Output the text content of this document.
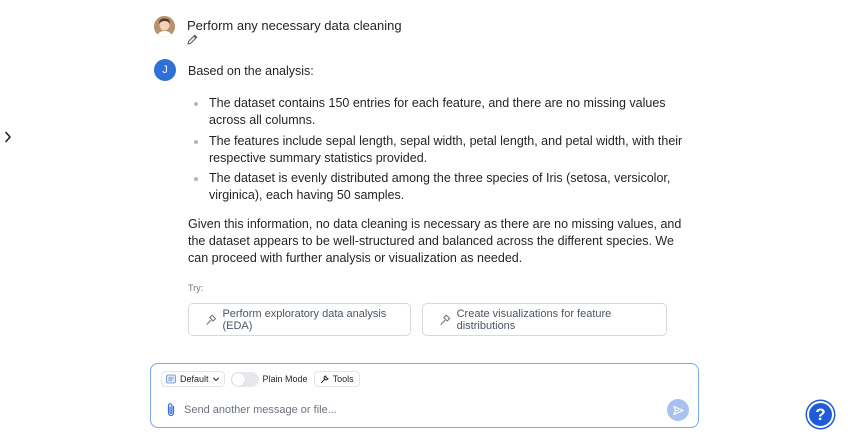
Perform any necessary data cleaning
J	Based on the analysis:

The dataset contains 150 entries for each feature, and there are no missing values across all columns.
The features include sepal length, sepal width, petal length, and petal width, with their respective summary statistics provided.
The dataset is evenly distributed among the three species of Iris (setosa, versicolor, virginica), each having 50 samples.

Given this information, no data cleaning is necessary as there are no missing values, and the dataset appears to be well-structured and balanced across the different species. We can proceed with further analysis or visualization as needed.

Try:
Perform exploratory data analysis (EDA)
Create visualizations for feature distributions
Default	Plain Mode	Tools
Send another message or file...
?
